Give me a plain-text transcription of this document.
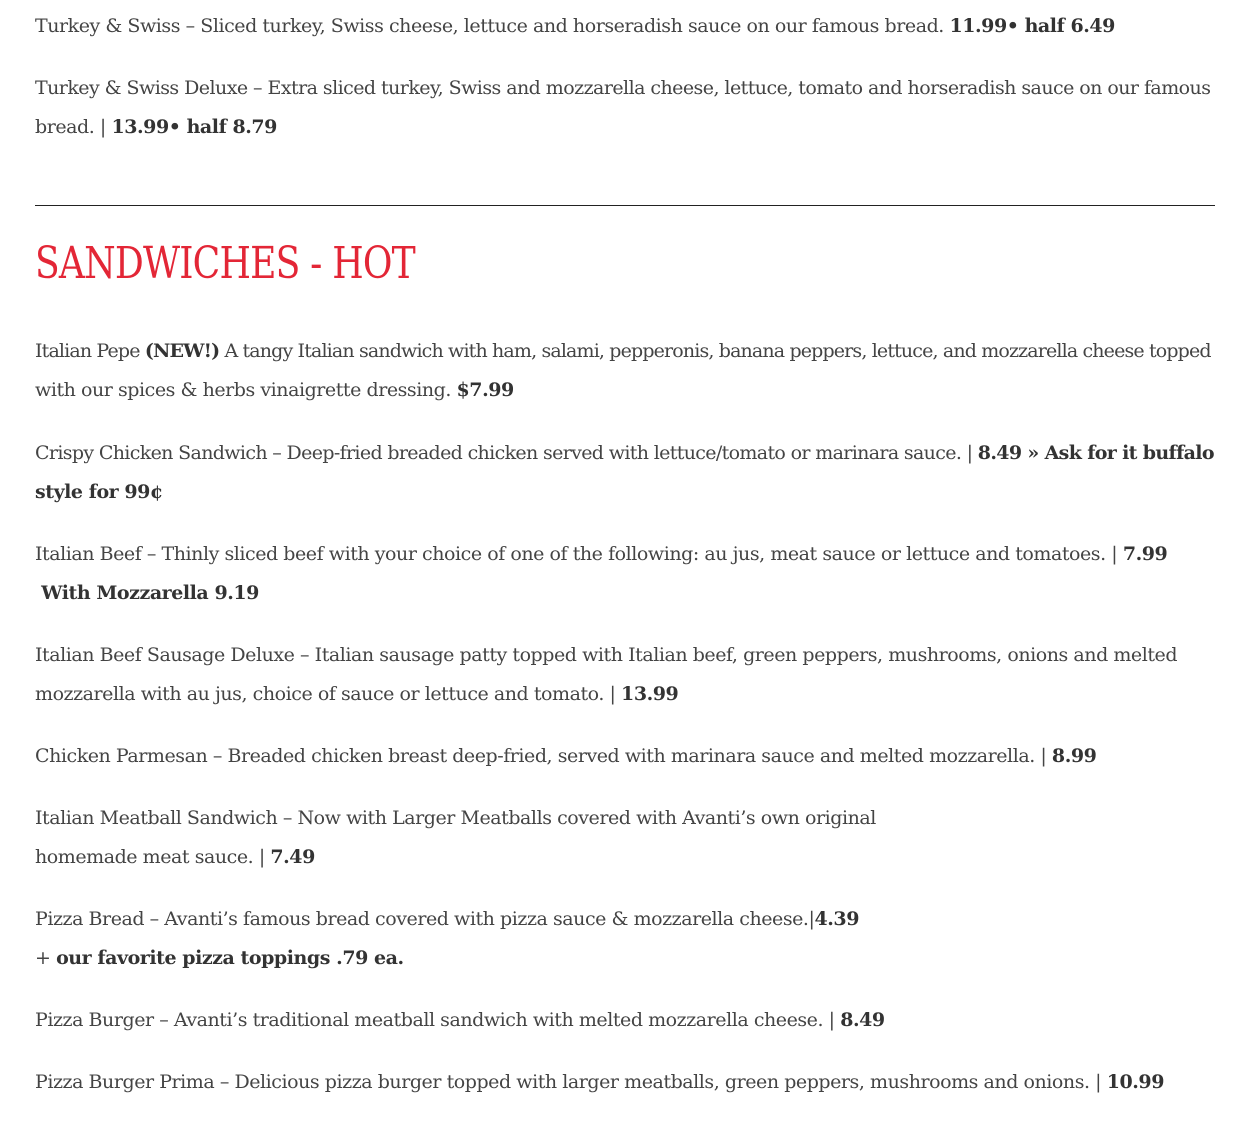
Turkey & Swiss – Sliced turkey, Swiss cheese, lettuce and horseradish sauce on our famous bread. 11.99• half 6.49

Turkey & Swiss Deluxe – Extra sliced turkey, Swiss and mozzarella cheese, lettuce, tomato and horseradish sauce on our famous
bread. | 13.99• half 8.79

SANDWICHES - HOT

Italian Pepe (NEW!) A tangy Italian sandwich with ham, salami, pepperonis, banana peppers, lettuce, and mozzarella cheese topped
with our spices & herbs vinaigrette dressing. $7.99

Crispy Chicken Sandwich – Deep-fried breaded chicken served with lettuce/tomato or marinara sauce. | 8.49 » Ask for it buffalo
style for 99¢

Italian Beef – Thinly sliced beef with your choice of one of the following: au jus, meat sauce or lettuce and tomatoes. | 7.99
With Mozzarella 9.19

Italian Beef Sausage Deluxe – Italian sausage patty topped with Italian beef, green peppers, mushrooms, onions and melted
mozzarella with au jus, choice of sauce or lettuce and tomato. | 13.99

Chicken Parmesan – Breaded chicken breast deep-fried, served with marinara sauce and melted mozzarella. | 8.99

Italian Meatball Sandwich – Now with Larger Meatballs covered with Avanti’s own original
homemade meat sauce. | 7.49

Pizza Bread – Avanti’s famous bread covered with pizza sauce & mozzarella cheese.|4.39
+ our favorite pizza toppings .79 ea.

Pizza Burger – Avanti’s traditional meatball sandwich with melted mozzarella cheese. | 8.49

Pizza Burger Prima – Delicious pizza burger topped with larger meatballs, green peppers, mushrooms and onions. | 10.99
